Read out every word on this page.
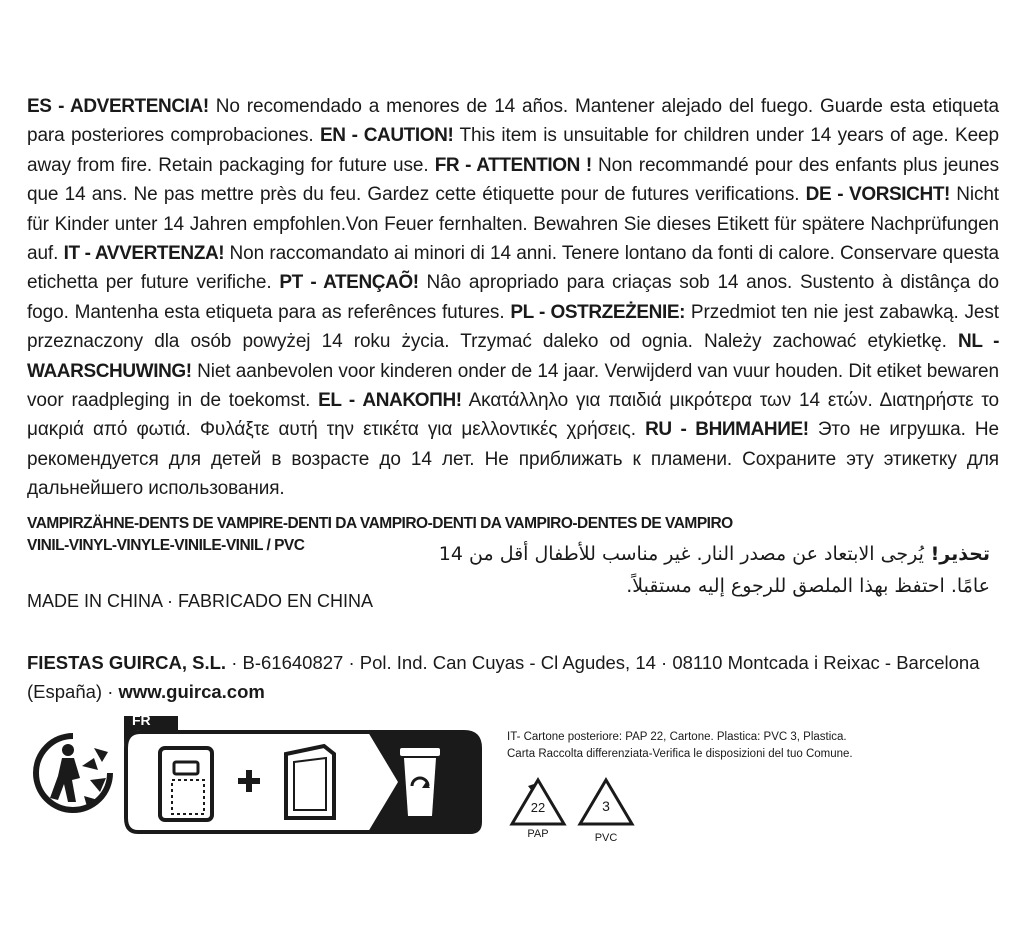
ES - ADVERTENCIA! No recomendado a menores de 14 años. Mantener alejado del fuego. Guarde esta etiqueta para posteriores comprobaciones. EN - CAUTION! This item is unsuitable for children under 14 years of age. Keep away from fire. Retain packaging for future use. FR - ATTENTION ! Non recommandé pour des enfants plus jeunes que 14 ans. Ne pas mettre près du feu. Gardez cette étiquette pour de futures verifications. DE - VORSICHT! Nicht für Kinder unter 14 Jahren empfohlen.Von Feuer fernhalten. Bewahren Sie dieses Etikett für spätere Nachprüfungen auf. IT - AVVERTENZA! Non raccomandato ai minori di 14 anni. Tenere lontano da fonti di calore. Conservare questa etichetta per future verifiche. PT - ATENÇAÕ! Nâo apropriado para criaças sob 14 anos. Sustento à distânça do fogo. Mantenha esta etiqueta para as referênces futures. PL - OSTRZEŻENIE: Przedmiot ten nie jest zabawką. Jest przeznaczony dla osób powyżej 14 roku życia. Trzymać daleko od ognia. Należy zachować etykietkę. NL - WAARSCHUWING! Niet aanbevolen voor kinderen onder de 14 jaar. Verwijderd van vuur houden. Dit etiket bewaren voor raadpleging in de toekomst. EL - ΑΝΑΚΟΠΗ! Ακατάλληλο για παιδιά μικρότερα των 14 ετών. Διατηρήστε το μακριά από φωτιά. Φυλάξτε αυτή την ετικέτα για μελλοντικές χρήσεις. RU - ВНИМАНИЕ! Это не игрушка. Не рекомендуется для детей в возрасте до 14 лет. Не приближать к пламени. Сохраните эту этикетку для дальнейшего использования.
VAMPIRZÄHNE-DENTS DE VAMPIRE-DENTI DA VAMPIRO-DENTI DA VAMPIRO-DENTES DE VAMPIRO
VINIL-VINYL-VINYLE-VINILE-VINIL / PVC	تحذير! يُرجى الابتعاد عن مصدر النار. غير مناسب للأطفال أقل من 14 عامًا. احتفظ بهذا الملصق للرجوع إليه مستقبلاً.
MADE IN CHINA · FABRICADO EN CHINA
FIESTAS GUIRCA, S.L. · B-61640827 · Pol. Ind. Can Cuyas - Cl Agudes, 14 · 08110 Montcada i Reixac - Barcelona (España) · www.guirca.com
FR
IT- Cartone posteriore: PAP 22, Cartone. Plastica: PVC 3, Plastica.
Carta Raccolta differenziata-Verifica le disposizioni del tuo Comune.
22
PAP
3
PVC
